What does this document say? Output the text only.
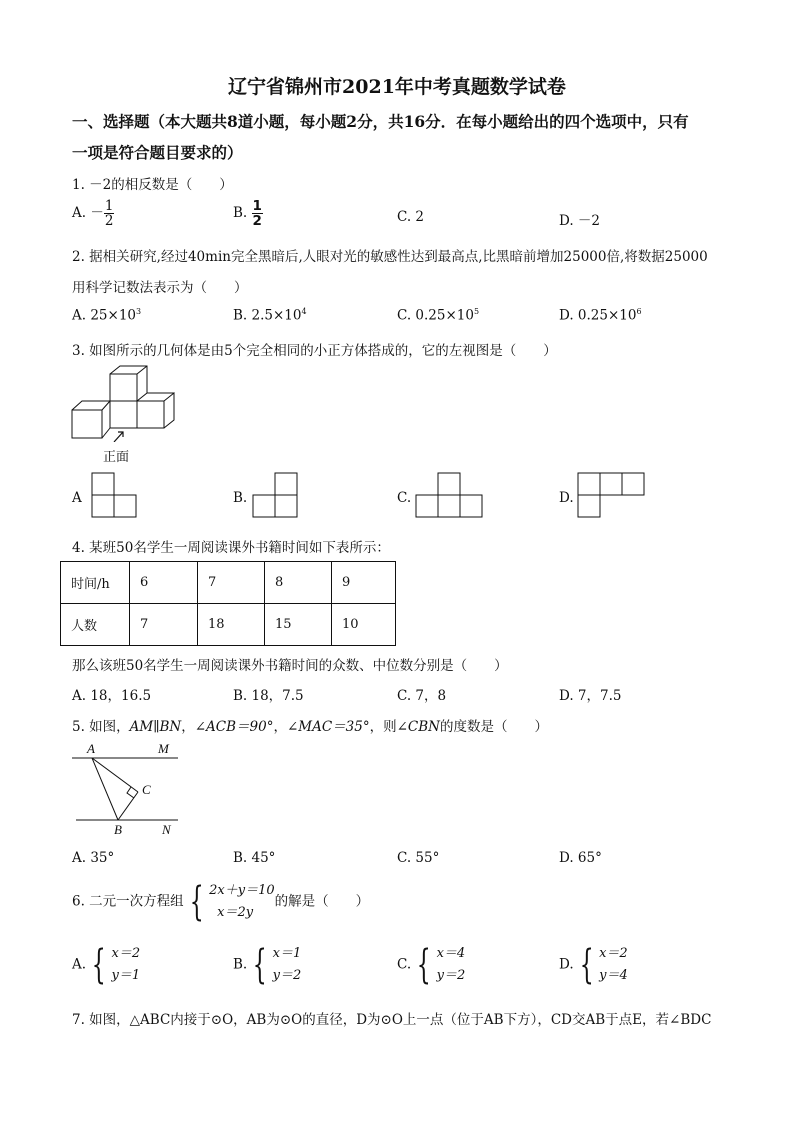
辽宁省锦州市2021年中考真题数学试卷
一、选择题（本大题共8道小题，每小题2分，共16分．在每小题给出的四个选项中，只有
一项是符合题目要求的）
1. －2的相反数是（　　）
A. － $\frac{1}{2}$	B. $\frac{1}{2}$	C. 2	D. －2
2. 据相关研究,经过40min完全黑暗后,人眼对光的敏感性达到最高点,比黑暗前增加25000倍,将数据25000
用科学记数法表示为（　　）
A. $25\times 10^3$	B. $2.5\times 10^4$	C. $0.25\times 10^5$	D. $0.25\times 10^6$
3. 如图所示的几何体是由5个完全相同的小正方体搭成的，它的左视图是（　　）
正面
A	B.	C.	D.
4. 某班50名学生一周阅读课外书籍时间如下表所示：
时间/h	6	7	8	9
人数	7	18	15	10
那么该班50名学生一周阅读课外书籍时间的众数、中位数分别是（　　）
A. 18，16.5	B. 18，7.5	C. 7，8	D. 7，7.5
5. 如图，AM∥BN，∠ACB＝90°，∠MAC＝35°，则∠CBN的度数是（　　）
A	M
C
B	N
A. 35°	B. 45°	C. 55°	D. 65°
6. 二元一次方程组 { 2x＋y＝10
x＝2y的解是（　　）
A. { x＝2
y＝1
B. { x＝1
y＝2
C. { x＝4
y＝2
D. { x＝2
y＝4
7. 如图，△ABC内接于⊙O，AB为⊙O的直径，D为⊙O上一点（位于AB下方），CD交AB于点E，若∠BDC
